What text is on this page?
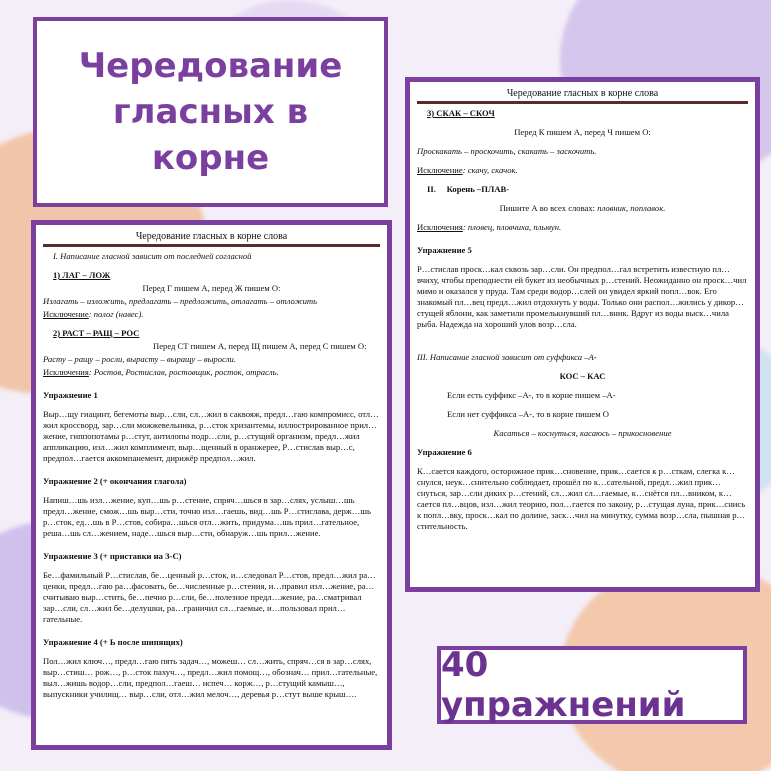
Чередование гласных в корне
Чередование гласных в корне слова

I. Написание гласной зависит от последней согласной

1) ЛАГ – ЛОЖ

Перед Г пишем А, перед Ж пишем О:

Излагать – изложить, предлагать – предложить, отлагать – отложить

Исключение: полог (навес).

2) РАСТ – РАЩ – РОС

Перед СТ пишем А, перед Щ пишем А, перед С пишем О:

Расту – ращу – росли, вырасту – выращу – выросли.

Исключения: Ростов, Ростислав, ростовщик, росток, отрасль.

Упражнение 1

Выр…щу гиацинт, бегемоты выр…сли, сл…жил в саквояж, предл…гаю компромисс, отл…жил кроссворд, зар…сли можжевельника, р…сток хризантемы, иллюстрированное прил…жение, гиппопотамы р…стут, антилопы подр…сли, р…стущий организм, предл…жил аппликацию, изл…жил комплимент, выр…щенный в оранжерее, Р…стислав выр…с, предпол…гается аккомпанемент, дирижёр предпол…жил.

Упражнение 2 (+ окончания глагола)

Напиш…шь изл…жение, куп…шь р…стение, спряч…шься в зар…слях, услыш…шь предл…жение, смож…шь выр…сти, точно изл…гаешь, вид…шь Р…стислава, держ…шь р…сток, ед…шь в Р…стов, собира…шься отл…жить, придума…шь прил…гательное, реша…шь сл…жением, наде…шься выр…сти, обнаруж…шь прил…жение.

Упражнение 3 (+ приставки на З-С)

Бе…фамильный Р…стислав, бе…ценный р…сток, и…следовал Р…стов, предл…жил ра…ценки, предл…гаю ра…фасовать, бе…численные р…стения, и…правил изл…жение, ра…считываю выр…стить, бе…печно р…сли, бе…полезное предл…жение, ра…сматривал зар…сли, сл…жил бе…делушки, ра…граничил сл…гаемые, и…пользовал прил…гательные.

Упражнение 4 (+ Ь после шипящих)

Пол…жил ключ…, предл…гаю пять задач…, можеш… сл…жить, спряч…ся в зар…слях, выр…стиш… рож…, р…сток пахуч…, предл…жил помощ…, обознач… прил…гательные, выл…жишь водор…сли, предпол…гаеш… испеч… корж…, р…стущий камыш…, выпускники училищ… выр…сли, отл…жил мелоч…, деревья р…стут выше крыш….

Чередование гласных в корне слова

3) СКАК – СКОЧ

Перед К пишем А, перед Ч пишем О:

Проскакать – проскочить, скакать – заскочить.

Исключение: скачу, скачок.

II. Корень –ПЛАВ-

Пишите А во всех словах: пловник, поплавок.

Исключения: пловец, пловчиха, плывун.

Упражнение 5

Р…стислав проск…кал сквозь зар…сли. Он предпол…гал встретить известную пл…вчиху, чтобы преподнести ей букет из необычных р…стений. Неожиданно он проск…чил мимо и оказался у пруда. Там среди водор…слей он увидел яркий попл…вок. Его знакомый пл…вец предл…жил отдохнуть у воды. Только они распол…жились у дикор…стущей яблони, как заметили промелькнувший пл…вник. Вдруг из воды выск…чила рыба. Надежда на хороший улов возр…сла.

III. Написание гласной зависит от суффикса –А-

КОС – КАС

Если есть суффикс –А-, то в корне пишем –А-

Если нет суффикса –А-, то в корне пишем О

Касаться – коснуться, касаюсь – прикосновение

Упражнение 6

К…сается каждого, осторожное прик…сновение, прик…сается к р…сткам, слегка к…снулся, неук…снительно соблюдает, прошёл по к…сательной, предл…жил прик…снуться, зар…сли диких р…стений, сл…жил сл…гаемые, к…снётся пл…вником, к…сается пл…вцов, изл…жил теорию, пол…гается по закону, р…стущая луна, прик…снись к попл…вку, проск…кал по долине, заск…чил на минутку, сумма возр…сла, пышная р…стительность.

40 упражнений
